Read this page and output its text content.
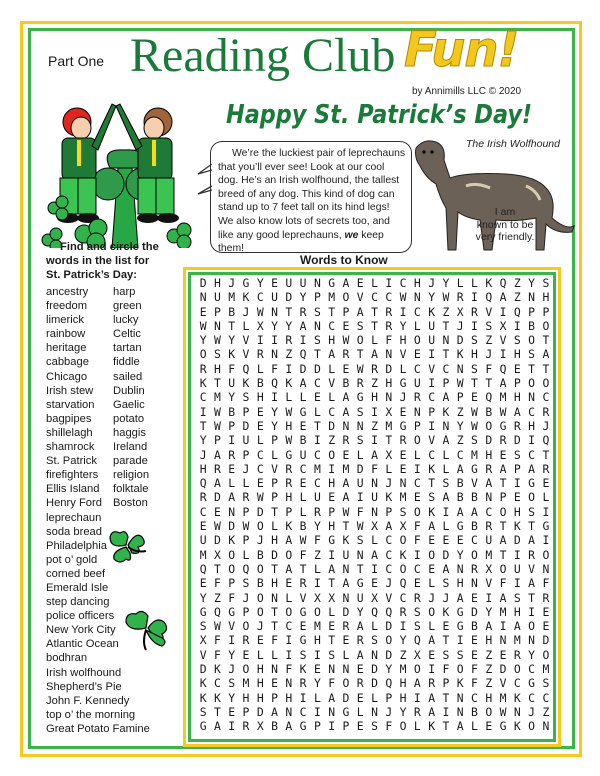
Part One Reading Club Fun!
by Annimills LLC © 2020
Happy St. Patrick’s Day!
We’re the luckiest pair of leprechauns that you’ll ever see! Look at our cool dog. He’s an Irish wolfhound, the tallest breed of any dog. This kind of dog can stand up to 7 feet tall on its hind legs! We also know lots of secrets too, and like any good leprechauns, we keep them!
The Irish Wolfhound
I am
known to be
very friendly.
Find and circle the
words in the list for
St. Patrick’s Day:
ancestry
freedom
limerick
rainbow
heritage
cabbage
Chicago
Irish stew
starvation
bagpipes
shillelagh
shamrock
St. Patrick
firefighters
Ellis Island
Henry Ford
leprechaun
soda bread
Philadelphia
pot o’ gold
corned beef
Emerald Isle
step dancing
police officers
New York City
Atlantic Ocean
bodhran
Irish wolfhound
Shepherd’s Pie
John F. Kennedy
top o’ the morning
Great Potato Famine
harp
green
lucky
Celtic
tartan
fiddle
sailed
Dublin
Gaelic
potato
haggis
Ireland
parade
religion
folktale
Boston
Words to Know
D H J G Y E U U N G A E L I C H J Y L L K Q Z Y S
N U M K C U D Y P M O V C C W N Y W R I Q A Z N H
E P B J W N T R S T P A T R I C K Z X R V I Q P P
W N T L X Y Y A N C E S T R Y L U T J I S X I B O
Y W Y V I I R I S H W O L F H O U N D S Z V S O T
O S K V R N Z Q T A R T A N V E I T K H J I H S A
R H F Q L F I D D L E W R D L C V C N S F Q E T T
K T U K B Q K A C V B R Z H G U I P W T T A P O O
C M Y S H I L L E L A G H N J R C A P E Q M H N C
I W B P E Y W G L C A S I X E N P K Z W B W A C R
T W P D E Y H E T D N N Z M G P I N Y W O G R H J
Y P I U L P W B I Z R S I T R O V A Z S D R D I Q
J A R P C L G U C O E L A X E L C L C M H E S C T
H R E J C V R C M I M D F L E I K L A G R A P A R
Q A L L E P R E C H A U N J N C T S B V A T I G E
R D A R W P H L U E A I U K M E S A B B N P E O L
C E N P D T P L R P W F N P S O K I A A C O H S I
E W D W O L K B Y H T W X A X F A L G B R T K T G
U D K P J H A W F G K S L C O F E E E C U A D A I
M X O L B D O F Z I U N A C K I O D Y O M T I R O
Q T O Q O T A T L A N T I C O C E A N R X O U V N
E F P S B H E R I T A G E J Q E L S H N V F I A F
Y Z F J O N L V X X N U X V C R J J A E I A S T R
G Q G P O T O G O L D Y Q Q R S O K G D Y M H I E
S W V O J T C E M E R A L D I S L E G B A I A O E
X F I R E F I G H T E R S O Y Q A T I E H N M N D
V F Y E L L I S I S L A N D Z X E S S E Z E R Y O
D K J O H N F K E N N E D Y M O I F O F Z D O C M
K C S M H E N R Y F O R D Q H A R P K F Z V C G S
K K Y H H P H I L A D E L P H I A T N C H M K C C
S T E P D A N C I N G L N J Y R A I N B O W N J Z
G A I R X B A G P I P E S F O L K T A L E G K O N
